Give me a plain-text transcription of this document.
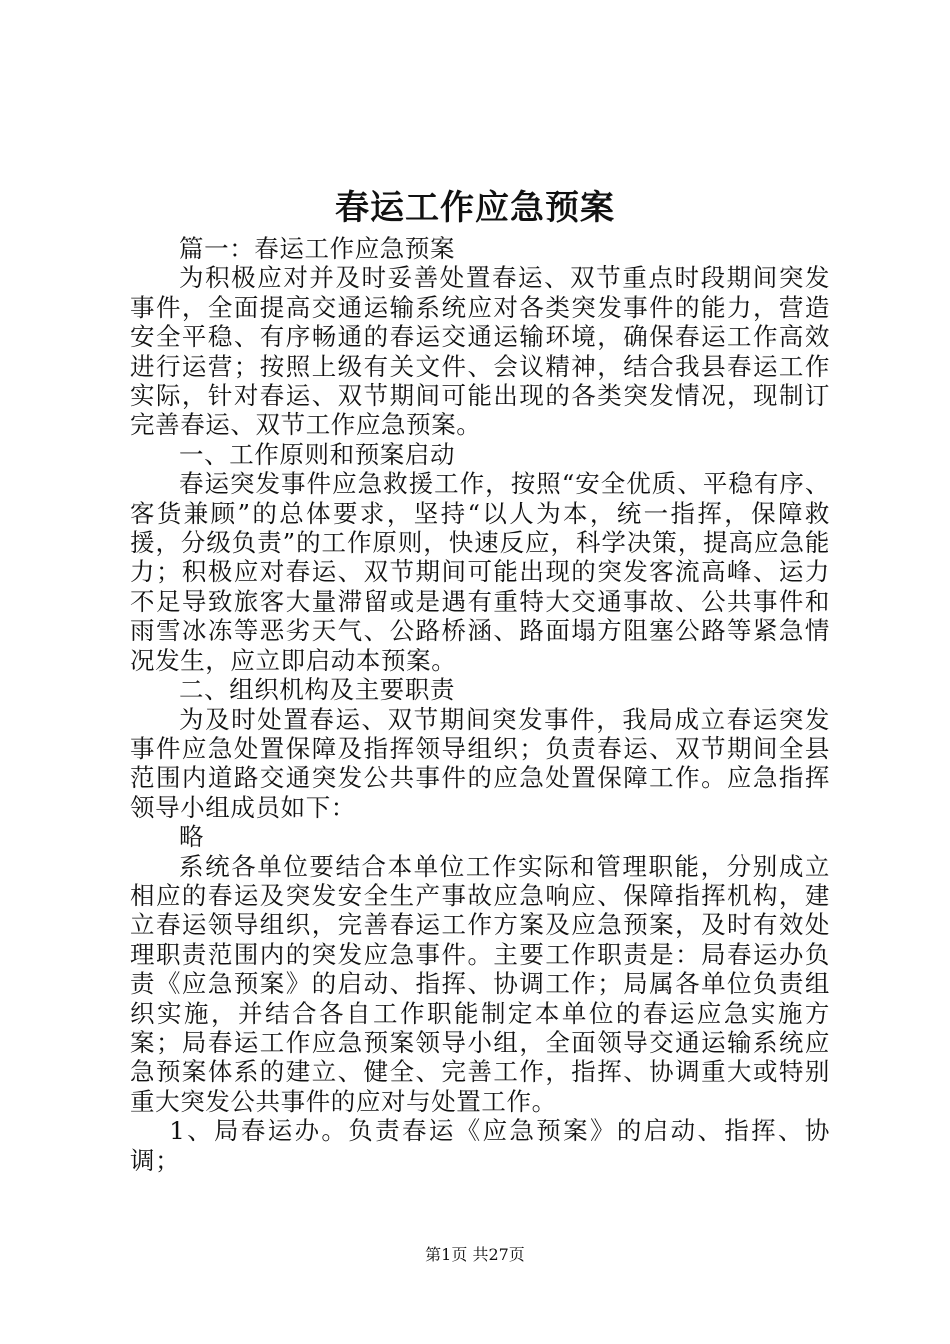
春运工作应急预案

篇一：春运工作应急预案

为积极应对并及时妥善处置春运、双节重点时段期间突发事件，全面提高交通运输系统应对各类突发事件的能力，营造安全平稳、有序畅通的春运交通运输环境，确保春运工作高效进行运营；按照上级有关文件、会议精神，结合我县春运工作实际，针对春运、双节期间可能出现的各类突发情况，现制订完善春运、双节工作应急预案。

一、工作原则和预案启动

春运突发事件应急救援工作，按照“安全优质、平稳有序、客货兼顾”的总体要求，坚持“以人为本，统一指挥，保障救援，分级负责”的工作原则，快速反应，科学决策，提高应急能力；积极应对春运、双节期间可能出现的突发客流高峰、运力不足导致旅客大量滞留或是遇有重特大交通事故、公共事件和雨雪冰冻等恶劣天气、公路桥涵、路面塌方阻塞公路等紧急情况发生，应立即启动本预案。

二、组织机构及主要职责

为及时处置春运、双节期间突发事件，我局成立春运突发事件应急处置保障及指挥领导组织；负责春运、双节期间全县范围内道路交通突发公共事件的应急处置保障工作。应急指挥领导小组成员如下：

略

系统各单位要结合本单位工作实际和管理职能，分别成立相应的春运及突发安全生产事故应急响应、保障指挥机构，建立春运领导组织，完善春运工作方案及应急预案，及时有效处理职责范围内的突发应急事件。主要工作职责是：局春运办负责《应急预案》的启动、指挥、协调工作；局属各单位负责组织实施，并结合各自工作职能制定本单位的春运应急实施方案；局春运工作应急预案领导小组，全面领导交通运输系统应急预案体系的建立、健全、完善工作，指挥、协调重大或特别重大突发公共事件的应对与处置工作。

1、局春运办。负责春运《应急预案》的启动、指挥、协调；

第1页 共27页
